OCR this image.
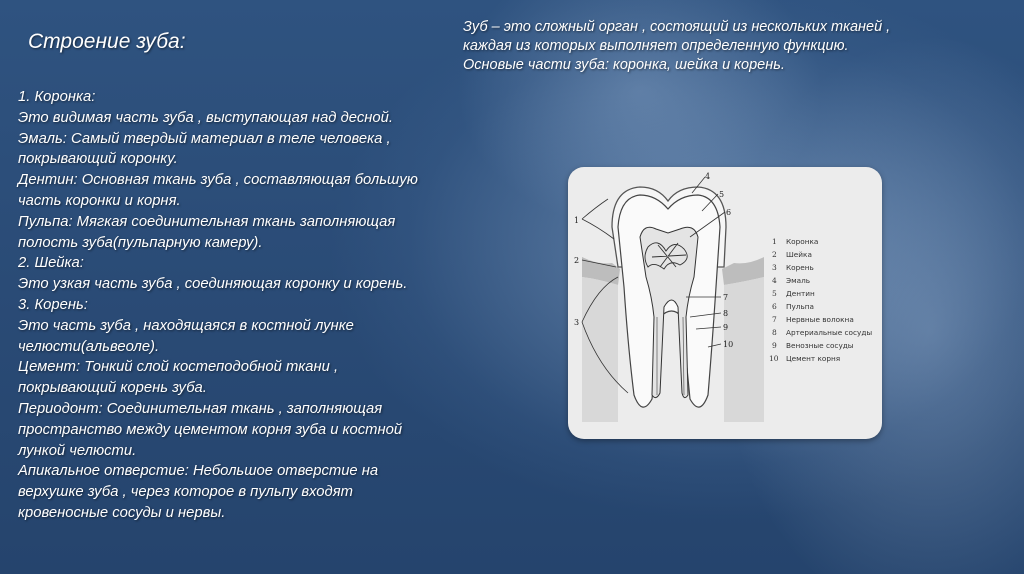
Строение зуба:
Зуб – это сложный орган , состоящий из нескольких тканей ,
каждая из которых выполняет определенную функцию.
Основые части зуба: коронка, шейка и корень.
1. Коронка:
Это видимая часть зуба , выступающая над десной.
Эмаль: Самый твердый материал в теле человека ,
покрывающий коронку.
Дентин: Основная ткань зуба , составляющая большую
часть коронки и корня.
Пульпа: Мягкая соединительная ткань заполняющая
полость зуба(пульпарную камеру).
2. Шейка:
Это узкая часть зуба , соединяющая коронку и корень.
3. Корень:
Это часть зуба , находящаяся в костной лунке
челюсти(альвеоле).
Цемент: Тонкий слой костеподобной ткани ,
покрывающий корень зуба.
Периодонт: Соединительная ткань , заполняющая
пространство между цементом корня зуба и костной
лункой челюсти.
Апикальное отверстие: Небольшое отверстие на
верхушке зуба , через которое в пульпу входят
кровеносные сосуды и нервы.
1
2
3
4
5
6
7
8
9
10
1 Коронка
2 Шейка
3 Корень
4 Эмаль
5 Дентин
6 Пульпа
7 Нервные волокна
8 Артериальные сосуды
9 Венозные сосуды
10 Цемент корня
